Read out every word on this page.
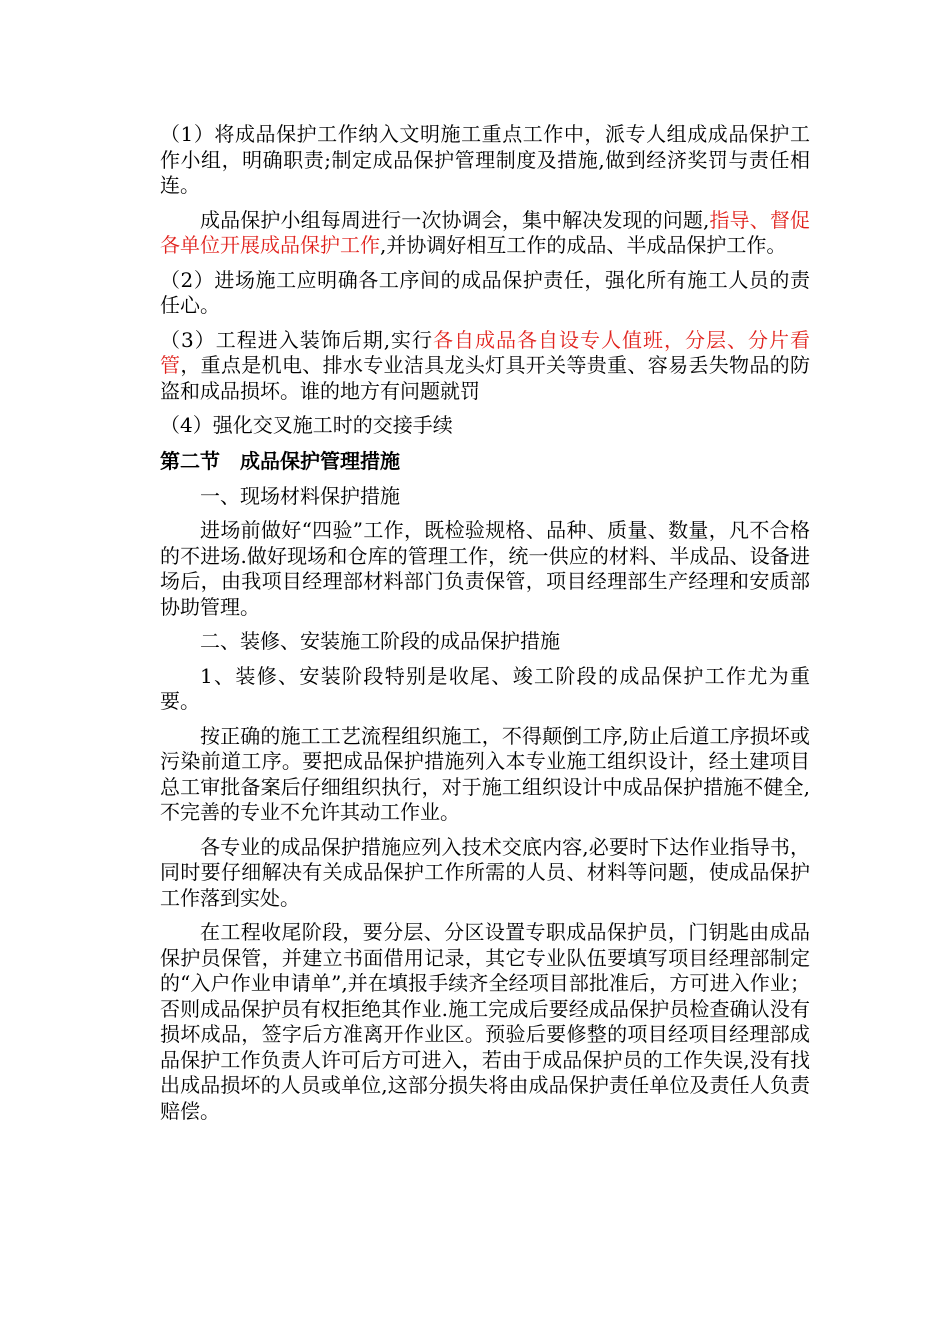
（1）将成品保护工作纳入文明施工重点工作中，派专人组成成品保护工作小组，明确职责;制定成品保护管理制度及措施,做到经济奖罚与责任相连。

成品保护小组每周进行一次协调会，集中解决发现的问题,指导、督促各单位开展成品保护工作,并协调好相互工作的成品、半成品保护工作。

（2）进场施工应明确各工序间的成品保护责任，强化所有施工人员的责任心。

（3）工程进入装饰后期,实行各自成品各自设专人值班，分层、分片看管，重点是机电、排水专业洁具龙头灯具开关等贵重、容易丢失物品的防盗和成品损坏。谁的地方有问题就罚

（4）强化交叉施工时的交接手续

第二节　成品保护管理措施

一、现场材料保护措施

进场前做好“四验”工作，既检验规格、品种、质量、数量，凡不合格的不进场.做好现场和仓库的管理工作，统一供应的材料、半成品、设备进场后，由我项目经理部材料部门负责保管，项目经理部生产经理和安质部协助管理。

二、装修、安装施工阶段的成品保护措施

1、装修、安装阶段特别是收尾、竣工阶段的成品保护工作尤为重要。

按正确的施工工艺流程组织施工，不得颠倒工序,防止后道工序损坏或污染前道工序。要把成品保护措施列入本专业施工组织设计，经土建项目总工审批备案后仔细组织执行，对于施工组织设计中成品保护措施不健全,不完善的专业不允许其动工作业。

各专业的成品保护措施应列入技术交底内容,必要时下达作业指导书，同时要仔细解决有关成品保护工作所需的人员、材料等问题，使成品保护　工作落到实处。

在工程收尾阶段，要分层、分区设置专职成品保护员，门钥匙由成品保护员保管，并建立书面借用记录，其它专业队伍要填写项目经理部制定的“入户作业申请单”,并在填报手续齐全经项目部批准后，方可进入作业；否则成品保护员有权拒绝其作业.施工完成后要经成品保护员检查确认没有损坏成品，签字后方准离开作业区。预验后要修整的项目经项目经理部成品保护工作负责人许可后方可进入，若由于成品保护员的工作失误,没有找出成品损坏的人员或单位,这部分损失将由成品保护责任单位及责任人负责赔偿。
